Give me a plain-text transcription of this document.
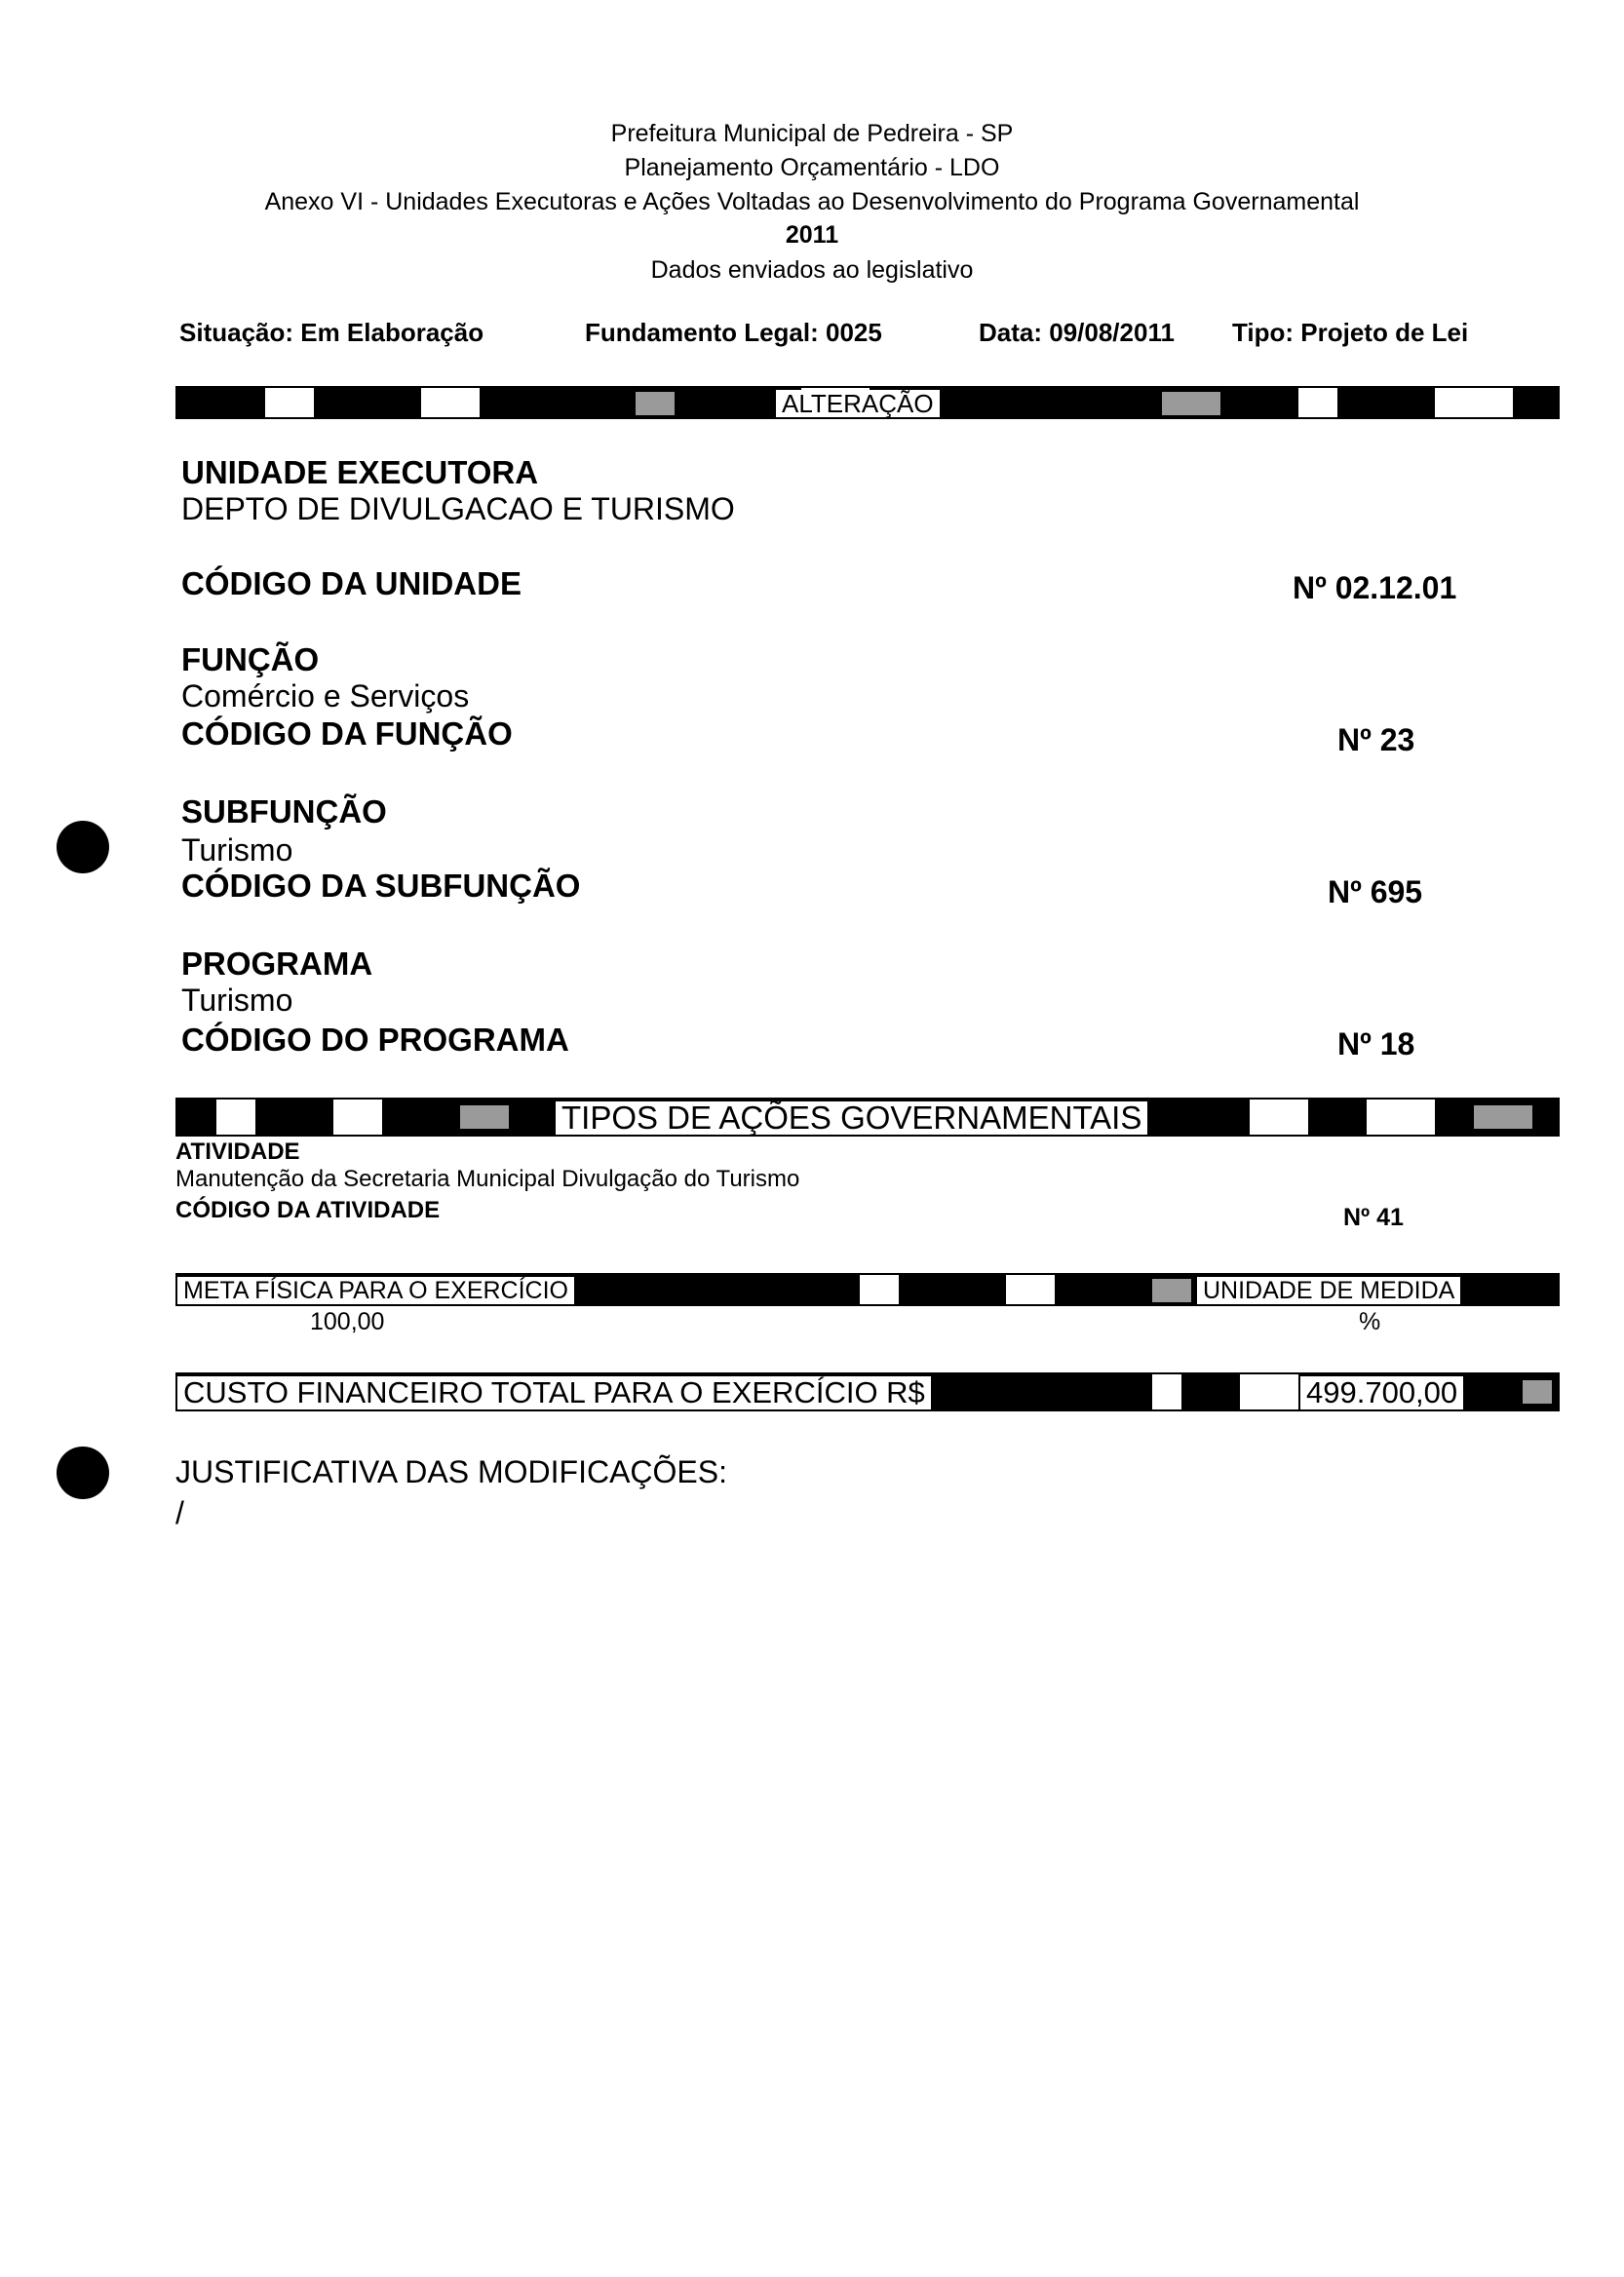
Prefeitura Municipal de Pedreira - SP
Planejamento Orçamentário - LDO
Anexo VI - Unidades Executoras e Ações Voltadas ao Desenvolvimento do Programa Governamental
2011
Dados enviados ao legislativo
Situação: Em Elaboração	Fundamento Legal: 0025	Data: 09/08/2011 Tipo: Projeto de Lei
ALTERAÇÃO
UNIDADE EXECUTORA
DEPTO DE DIVULGACAO E TURISMO
CÓDIGO DA UNIDADE	Nº 02.12.01
FUNÇÃO
Comércio e Serviços
CÓDIGO DA FUNÇÃO	Nº 23
SUBFUNÇÃO
Turismo
CÓDIGO DA SUBFUNÇÃO	Nº 695
PROGRAMA
Turismo
CÓDIGO DO PROGRAMA	Nº 18
TIPOS DE AÇÕES GOVERNAMENTAIS
ATIVIDADE
Manutenção da Secretaria Municipal Divulgação do Turismo
CÓDIGO DA ATIVIDADE	Nº 41
META FÍSICA PARA O EXERCÍCIO	UNIDADE DE MEDIDA
100,00	%
CUSTO FINANCEIRO TOTAL PARA O EXERCÍCIO R$	499.700,00
JUSTIFICATIVA DAS MODIFICAÇÕES:
/
